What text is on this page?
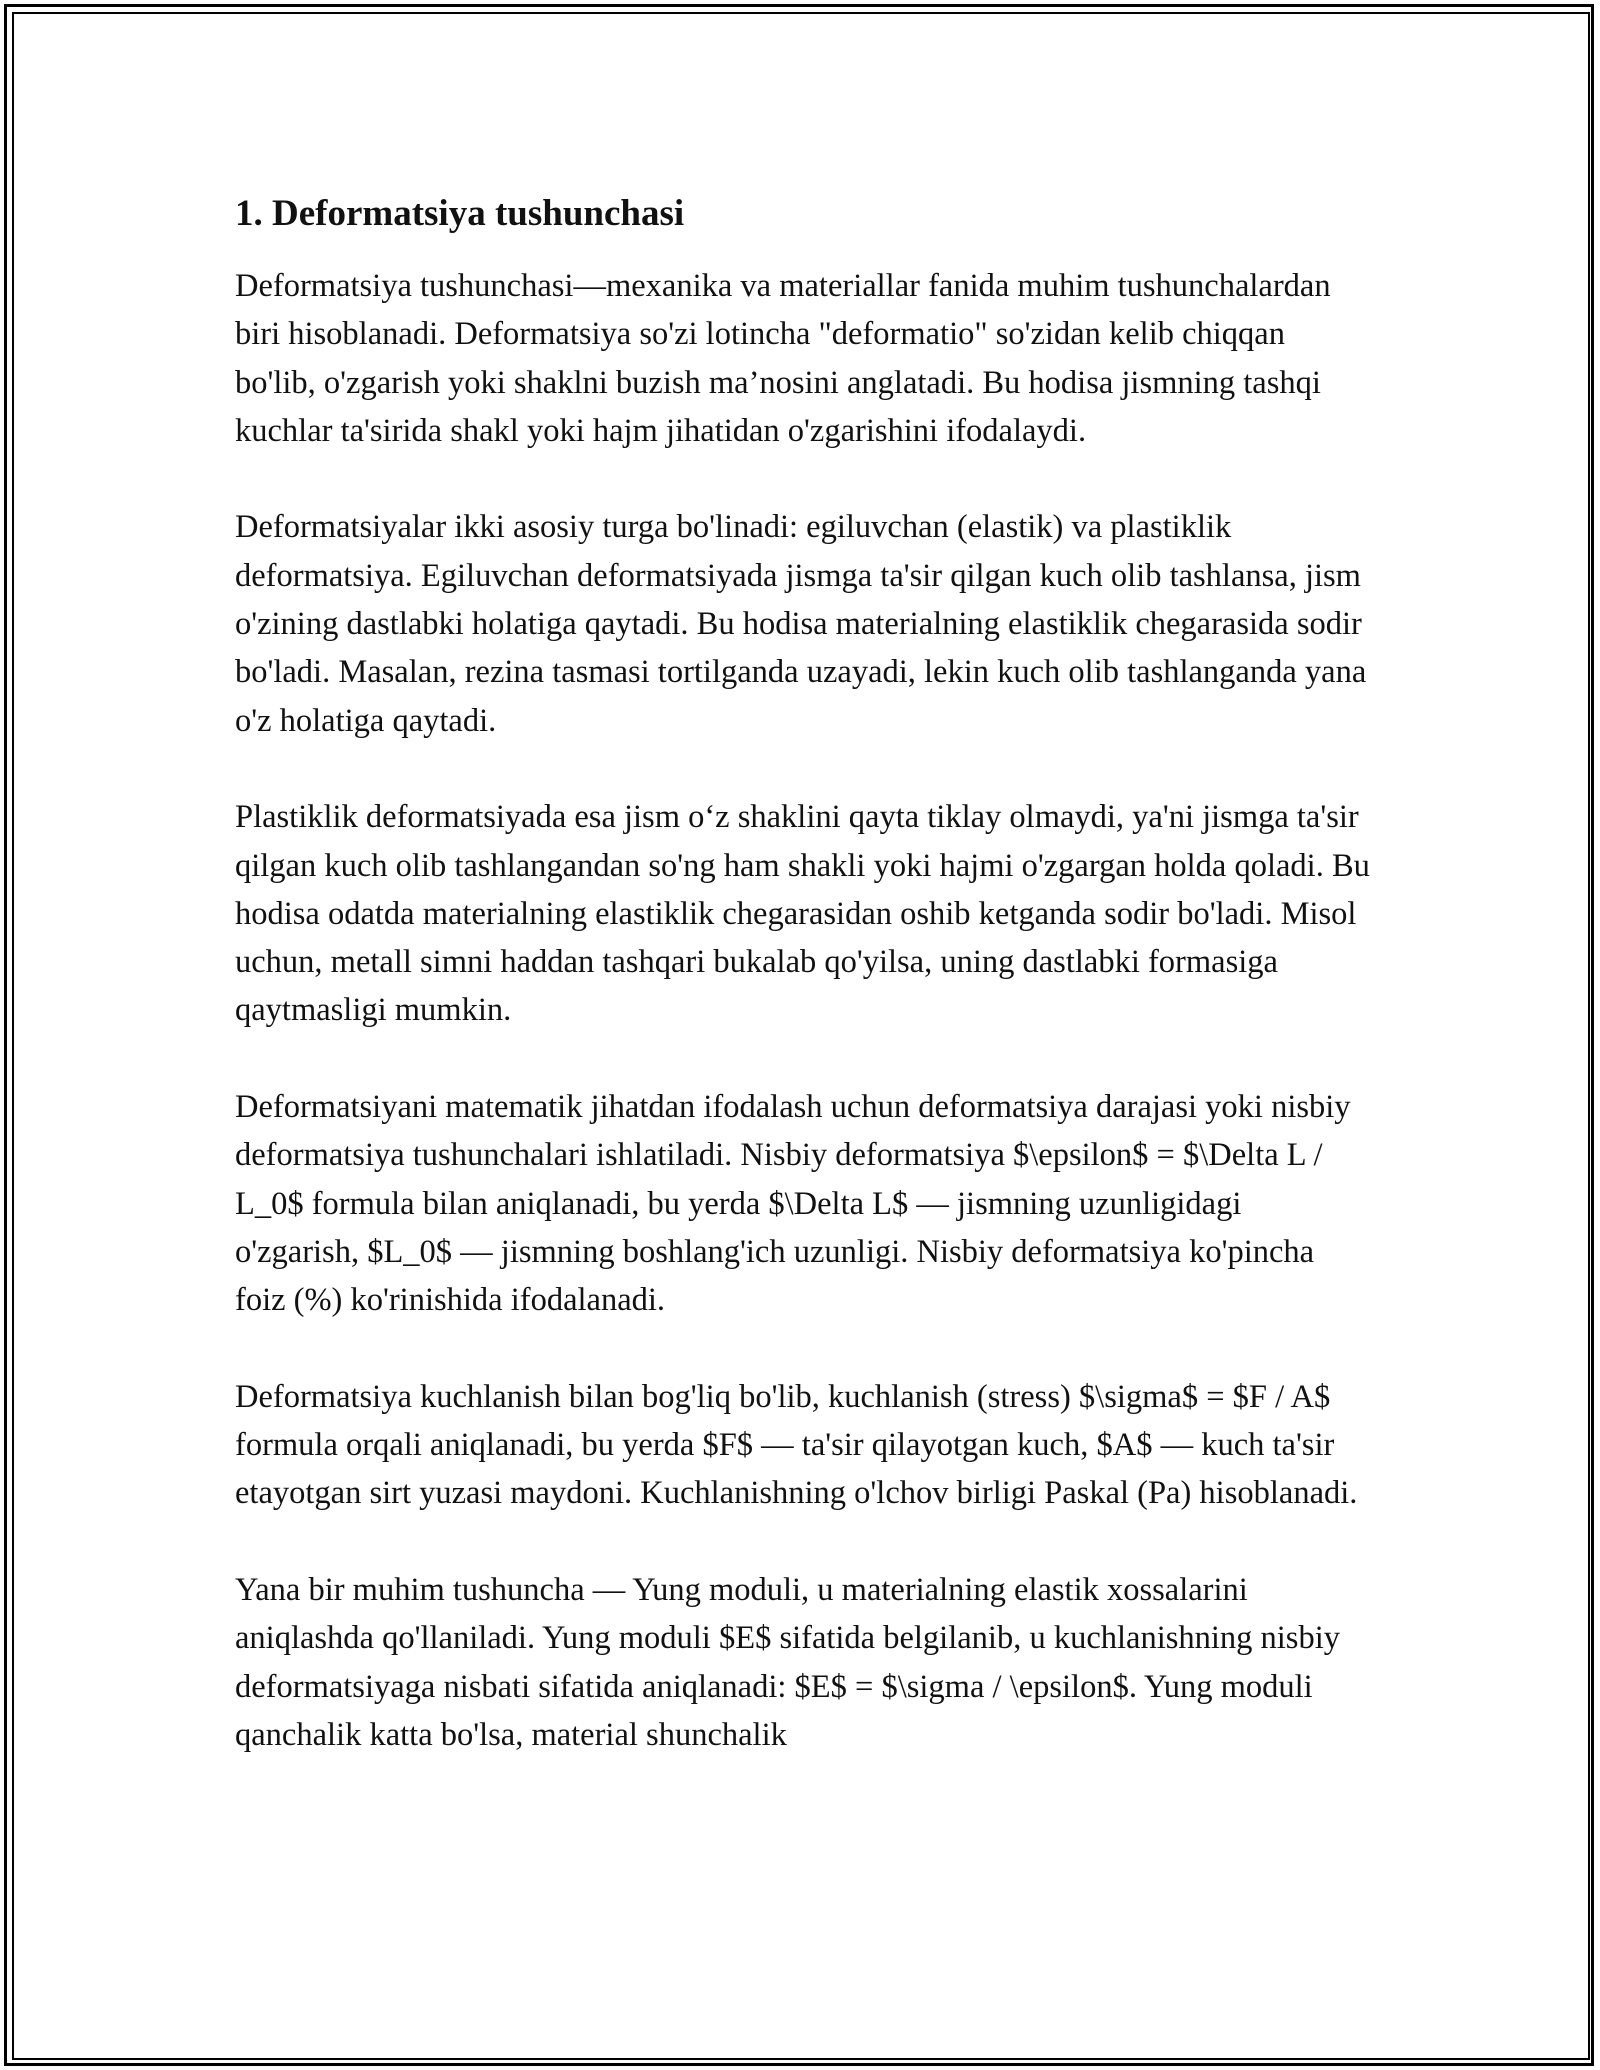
1. Deformatsiya tushunchasi

Deformatsiya tushunchasi—mexanika va materiallar fanida muhim tushunchalardan biri hisoblanadi. Deformatsiya so'zi lotincha "deformatio" so'zidan kelib chiqqan bo'lib, o'zgarish yoki shaklni buzish ma’nosini anglatadi. Bu hodisa jismning tashqi kuchlar ta'sirida shakl yoki hajm jihatidan o'zgarishini ifodalaydi.

Deformatsiyalar ikki asosiy turga bo'linadi: egiluvchan (elastik) va plastiklik deformatsiya. Egiluvchan deformatsiyada jismga ta'sir qilgan kuch olib tashlansa, jism o'zining dastlabki holatiga qaytadi. Bu hodisa materialning elastiklik chegarasida sodir bo'ladi. Masalan, rezina tasmasi tortilganda uzayadi, lekin kuch olib tashlanganda yana o'z holatiga qaytadi.

Plastiklik deformatsiyada esa jism o‘z shaklini qayta tiklay olmaydi, ya'ni jismga ta'sir qilgan kuch olib tashlangandan so'ng ham shakli yoki hajmi o'zgargan holda qoladi. Bu hodisa odatda materialning elastiklik chegarasidan oshib ketganda sodir bo'ladi. Misol uchun, metall simni haddan tashqari bukalab qo'yilsa, uning dastlabki formasiga qaytmasligi mumkin.

Deformatsiyani matematik jihatdan ifodalash uchun deformatsiya darajasi yoki nisbiy deformatsiya tushunchalari ishlatiladi. Nisbiy deformatsiya $\epsilon$ = $\Delta L / L_0$ formula bilan aniqlanadi, bu yerda $\Delta L$ — jismning uzunligidagi o'zgarish, $L_0$ — jismning boshlang'ich uzunligi. Nisbiy deformatsiya ko'pincha foiz (%) ko'rinishida ifodalanadi.

Deformatsiya kuchlanish bilan bog'liq bo'lib, kuchlanish (stress) $\sigma$ = $F / A$ formula orqali aniqlanadi, bu yerda $F$ — ta'sir qilayotgan kuch, $A$ — kuch ta'sir etayotgan sirt yuzasi maydoni. Kuchlanishning o'lchov birligi Paskal (Pa) hisoblanadi.

Yana bir muhim tushuncha — Yung moduli, u materialning elastik xossalarini aniqlashda qo'llaniladi. Yung moduli $E$ sifatida belgilanib, u kuchlanishning nisbiy deformatsiyaga nisbati sifatida aniqlanadi: $E$ = $\sigma / \epsilon$. Yung moduli qanchalik katta bo'lsa, material shunchalik
